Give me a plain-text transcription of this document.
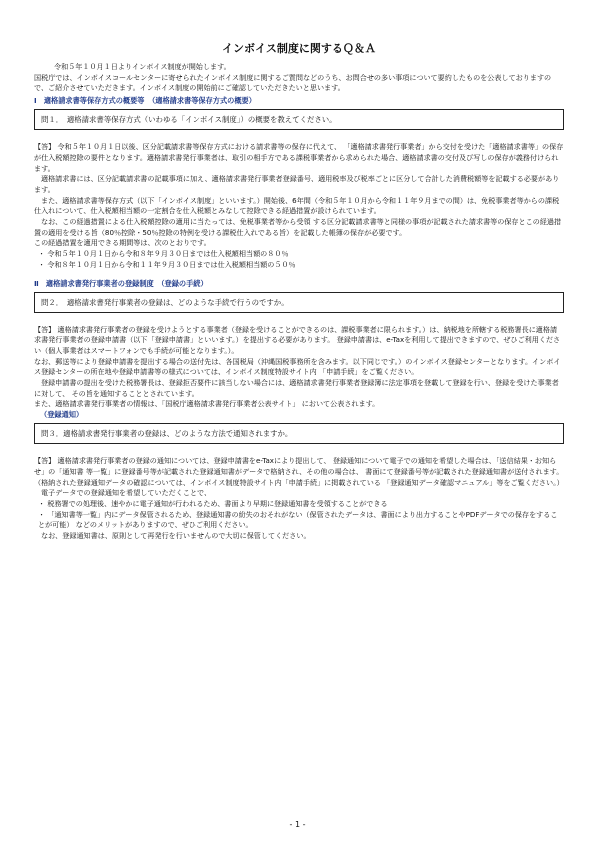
インボイス制度に関するＱ＆Ａ

令和５年１０月１日よりインボイス制度が開始します。

国税庁では、インボイスコールセンターに寄せられたインボイス制度に関するご質問などのうち、お問合せの多い事項について要約したものを公表しておりますので、ご紹介させていただきます。インボイス制度の開始前にご確認していただきたいと思います。

Ⅰ　適格請求書等保存方式の概要等　（適格請求書等保存方式の概要）
問１．　適格請求書等保存方式（いわゆる「インボイス制度」）の概要を教えてください。

【答】 令和５年１０月１日以後、区分記載請求書等保存方式における請求書等の保存に代えて、 「適格請求書発行事業者」から交付を受けた「適格請求書等」の保存が仕入税額控除の要件となります。適格請求書発行事業者は、取引の相手方である課税事業者から求められた場合、適格請求書の交付及び写しの保存が義務付けられます。

適格請求書には、区分記載請求書の記載事項に加え、適格請求書発行事業者登録番号、適用税率及び税率ごとに区分して合計した消費税額等を記載する必要があります。

また、適格請求書等保存方式（以下「インボイス制度」といいます。）開始後、6年間（令和５年１０月から令和１１年９月までの間）は、免税事業者等からの課税仕入れについて、仕入税額相当額の一定割合を仕入税額とみなして控除できる経過措置が設けられています。

なお、この経過措置による仕入税額控除の適用に当たっては、免税事業者等から受領 する区分記載請求書等と同様の事項が記載された請求書等の保存とこの経過措置の適用を受ける旨（80％控除・50％控除の特例を受ける課税仕入れである旨）を記載した帳簿の保存が必要です。

この経過措置を適用できる期間等は、次のとおりです。

・ 令和５年１０月１日から令和８年９月３０日までは仕入税額相当額の８０％

・ 令和８年１０月１日から令和１１年９月３０日までは仕入税額相当額の５０％

Ⅱ　適格請求書発行事業者の登録制度　（登録の手続）
問２．　適格請求書発行事業者の登録は、どのような手続で行うのですか。

【答】 適格請求書発行事業者の登録を受けようとする事業者（登録を受けることができるのは、課税事業者に限られます。）は、納税地を所轄する税務署長に適格請求書発行事業者の登録申請書（以下「登録申請書」といいます。）を提出する必要があります。 登録申請書は、e-Taxを利用して提出できますので、ぜひご利用ください（個人事業者はスマートフォンでも手続が可能となります。）。

なお、郵送等により登録申請書を提出する場合の送付先は、各国税局（沖縄国税事務所を含みます。以下同じです。）のインボイス登録センターとなります。インボイス登録センターの所在地や登録申請書等の様式については、インボイス制度特設サイト内 「申請手続」をご覧ください。

登録申請書の提出を受けた税務署長は、登録拒否要件に該当しない場合には、適格請求書発行事業者登録簿に法定事項を登載して登録を行い、登録を受けた事業者に対して、 その旨を通知することとされています。

また、適格請求書発行事業者の情報は、「国税庁適格請求書発行事業者公表サイト」 において公表されます。

（登録通知）
問３．適格請求書発行事業者の登録は、どのような方法で通知されますか。

【答】 適格請求書発行事業者の登録の通知については、登録申請書をe-Taxにより提出して、 登録通知について電子での通知を希望した場合は、「送信結果・お知らせ」の「通知書 等一覧」に登録番号等が記載された登録通知書がデータで格納され、その他の場合は、 書面にて登録番号等が記載された登録通知書が送付されます。（格納された登録通知データの確認については、インボイス制度特設サイト内「申請手続」に掲載されている 「登録通知データ確認マニュアル」等をご覧ください。）

電子データでの登録通知を希望していただくことで、

・ 税務署での処理後、速やかに電子通知が行われるため、書面より早期に登録通知書を受領することができる

・ 「通知書等一覧」内にデータ保管されるため、登録通知書の紛失のおそれがない（保管されたデータは、書面により出力することやPDFデータでの保存をすることが可能） などのメリットがありますので、ぜひご利用ください。

なお、登録通知書は、原則として再発行を行いませんので大切に保管してください。

- 1 -
